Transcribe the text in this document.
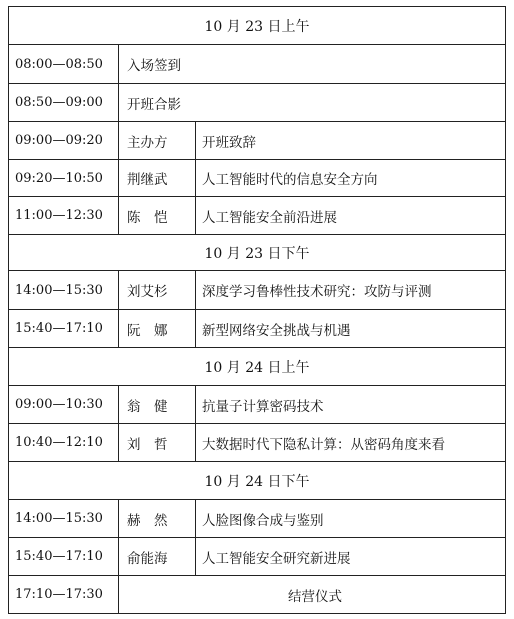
10 月 23 日上午
08:00—08:50 入场签到
08:50—09:00 开班合影
09:00—09:20 主办方	开班致辞
09:20—10:50 荆继武	人工智能时代的信息安全方向
11:00—12:30 陈　恺	人工智能安全前沿进展
10 月 23 日下午
14:00—15:30 刘艾杉	深度学习鲁棒性技术研究：攻防与评测
15:40—17:10 阮　娜	新型网络安全挑战与机遇
10 月 24 日上午
09:00—10:30 翁　健	抗量子计算密码技术
10:40—12:10 刘　哲	大数据时代下隐私计算：从密码角度来看
10 月 24 日下午
14:00—15:30 赫　然	人脸图像合成与鉴别
15:40—17:10 俞能海	人工智能安全研究新进展
17:10—17:30	结营仪式
